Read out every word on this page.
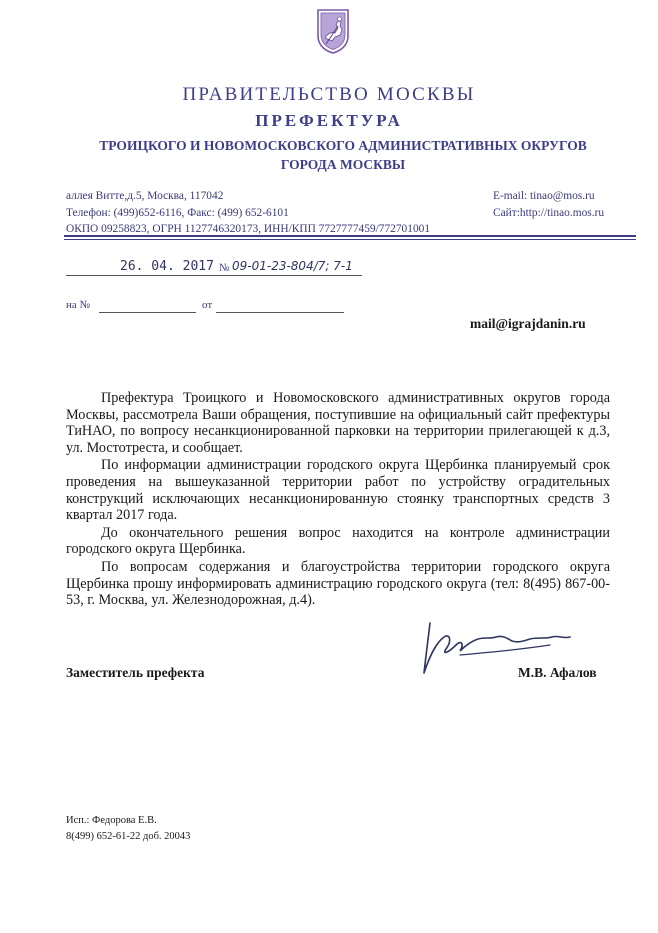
ПРАВИТЕЛЬСТВО МОСКВЫ
ПРЕФЕКТУРА
ТРОИЦКОГО И НОВОМОСКОВСКОГО АДМИНИСТРАТИВНЫХ ОКРУГОВ
ГОРОДА МОСКВЫ
аллея Витте,д.5, Москва, 117042
Телефон: (499)652-6116, Факс: (499) 652-6101
ОКПО 09258823, ОГРН 1127746320173, ИНН/КПП 7727777459/772701001
E-mail: tinao@mos.ru
Сайт:http://tinao.mos.ru
26. 04. 2017 № 09-01-23-804/7; 7-1
на №	от
mail@igrajdanin.ru

Префектура Троицкого и Новомосковского административных округов города Москвы, рассмотрела Ваши обращения, поступившие на официальный сайт префектуры ТиНАО, по вопросу несанкционированной парковки на территории прилегающей к д.3, ул. Мостотреста, и сообщает.

По информации администрации городского округа Щербинка планируемый срок проведения на вышеуказанной территории работ по устройству оградительных конструкций исключающих несанкционированную стоянку транспортных средств 3 квартал 2017 года.

До окончательного решения вопрос находится на контроле администрации городского округа Щербинка.

По вопросам содержания и благоустройства территории городского округа Щербинка прошу информировать администрацию городского округа (тел: 8(495) 867-00-53, г. Москва, ул. Железнодорожная, д.4).

Заместитель префекта	М.В. Афалов
Исп.: Федорова Е.В.
8(499) 652-61-22 доб. 20043
